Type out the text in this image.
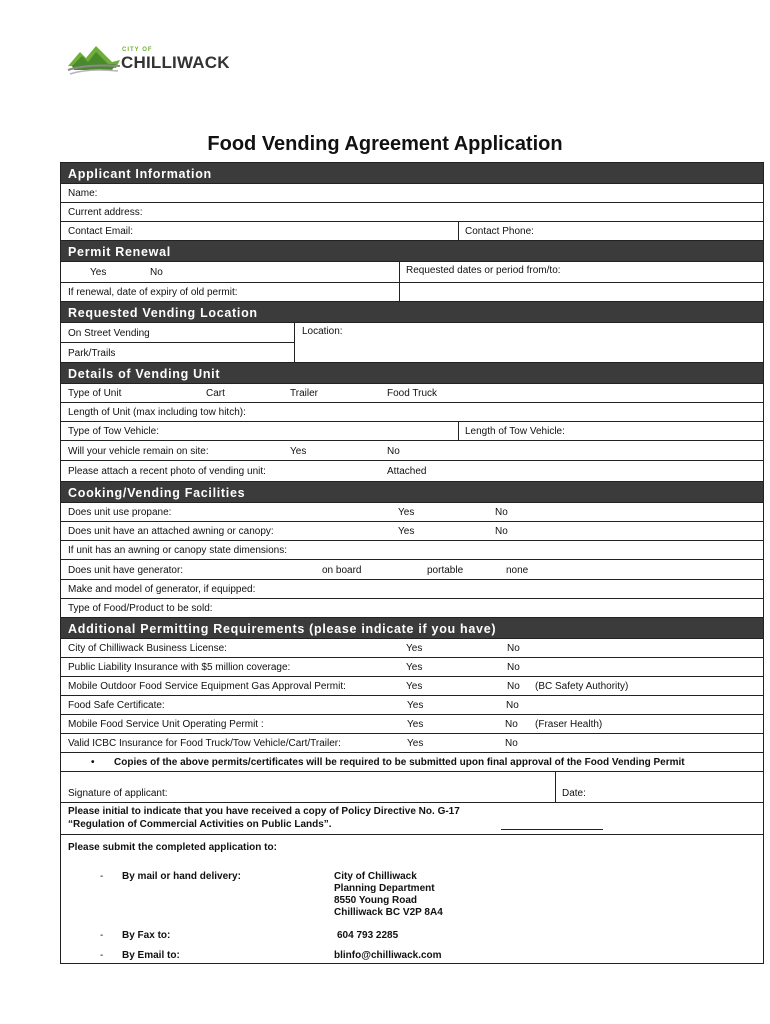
CITY OF
CHILLIWACK
Food Vending Agreement Application
Applicant Information
Name:
Current address:
Contact Email:	Contact Phone:
Permit Renewal
Yes	No	Requested dates or period from/to:
If renewal, date of expiry of old permit:
Requested Vending Location
On Street Vending
Park/Trails
Location:
Details of Vending Unit
Type of Unit	Cart	Trailer	Food Truck
Length of Unit (max including tow hitch):
Type of Tow Vehicle:	Length of Tow Vehicle:
Will your vehicle remain on site:	Yes	No
Please attach a recent photo of vending unit:	Attached
Cooking/Vending Facilities
Does unit use propane:	Yes	No
Does unit have an attached awning or canopy:	Yes	No
If unit has an awning or canopy state dimensions:
Does unit have generator:	on board	portable	none
Make and model of generator, if equipped:
Type of Food/Product to be sold:
Additional Permitting Requirements (please indicate if you have)
City of Chilliwack Business License:	Yes	No
Public Liability Insurance with $5 million coverage:	Yes	No
Mobile Outdoor Food Service Equipment Gas Approval Permit:	Yes	No (BC Safety Authority)
Food Safe Certificate:	Yes	No
Mobile Food Service Unit Operating Permit :	Yes	No (Fraser Health)
Valid ICBC Insurance for Food Truck/Tow Vehicle/Cart/Trailer:	Yes	No
• Copies of the above permits/certificates will be required to be submitted upon final approval of the Food Vending Permit
Signature of applicant:	Date:
Please initial to indicate that you have received a copy of Policy Directive No. G-17
“Regulation of Commercial Activities on Public Lands”.
Please submit the completed application to:
- By mail or hand delivery:	City of Chilliwack
Planning Department
8550 Young Road
Chilliwack BC V2P 8A4
- By Fax to:	604 793 2285
- By Email to:	blinfo@chilliwack.com
